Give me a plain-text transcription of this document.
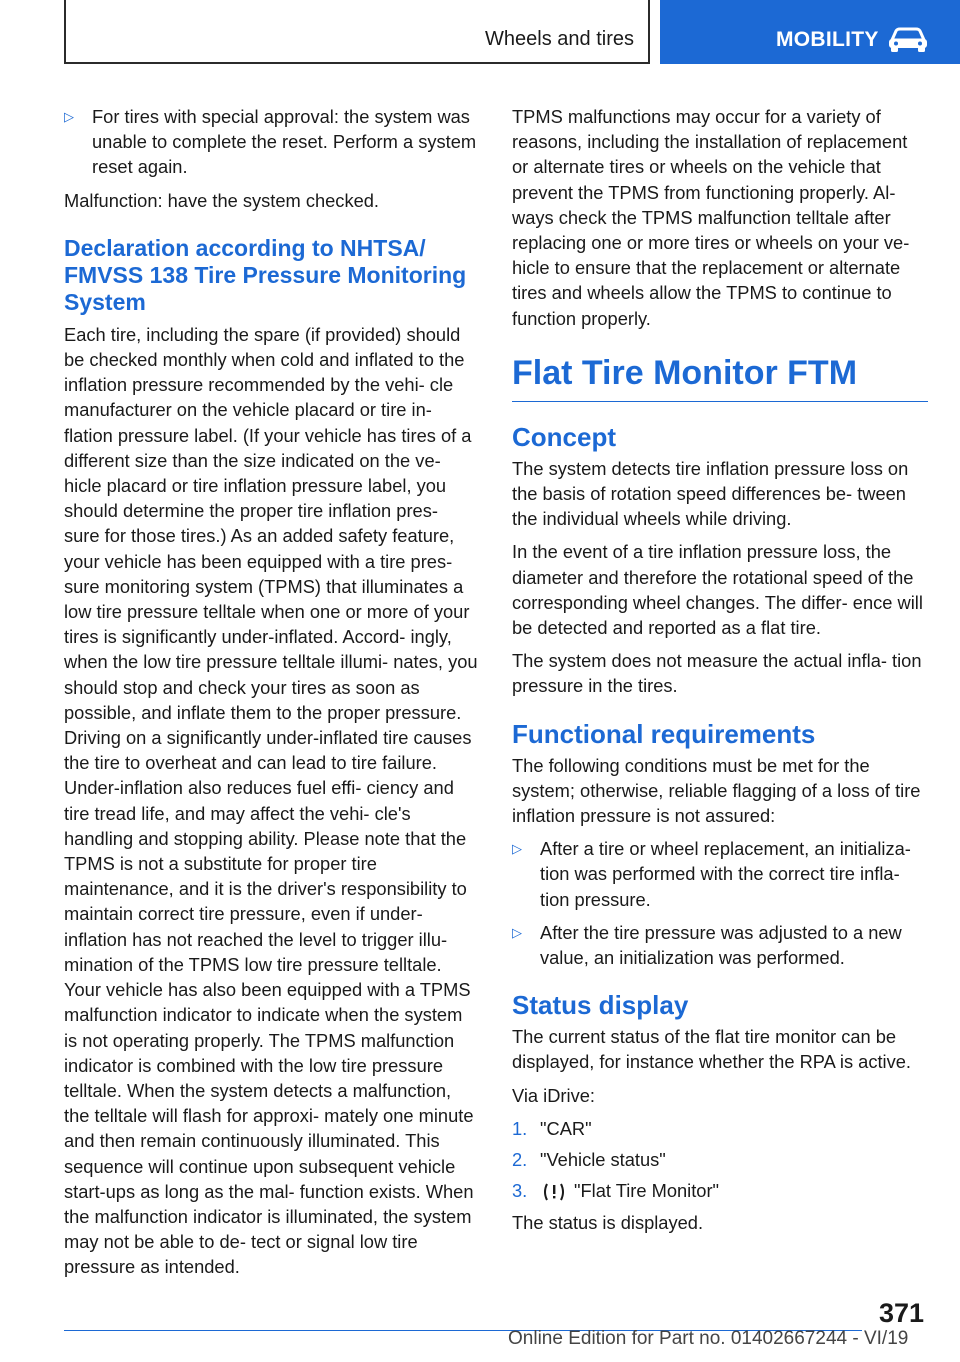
Wheels and tires	MOBILITY
▷ For tires with special approval: the system was unable to complete the reset. Perform a system reset again.

Malfunction: have the system checked.

Declaration according to NHTSA/ FMVSS 138 Tire Pressure Monitoring System

Each tire, including the spare (if provided) should be checked monthly when cold and inflated to the inflation pressure recommended by the vehi‐ cle manufacturer on the vehicle placard or tire in‐ flation pressure label. (If your vehicle has tires of a different size than the size indicated on the ve‐ hicle placard or tire inflation pressure label, you should determine the proper tire inflation pres‐ sure for those tires.) As an added safety feature, your vehicle has been equipped with a tire pres‐ sure monitoring system (TPMS) that illuminates a low tire pressure telltale when one or more of your tires is significantly under-inflated. Accord‐ ingly, when the low tire pressure telltale illumi‐ nates, you should stop and check your tires as soon as possible, and inflate them to the proper pressure. Driving on a significantly under-inflated tire causes the tire to overheat and can lead to tire failure. Under-inflation also reduces fuel effi‐ ciency and tire tread life, and may affect the vehi‐ cle's handling and stopping ability. Please note that the TPMS is not a substitute for proper tire maintenance, and it is the driver's responsibility to maintain correct tire pressure, even if under- inflation has not reached the level to trigger illu‐ mination of the TPMS low tire pressure telltale. Your vehicle has also been equipped with a TPMS malfunction indicator to indicate when the system is not operating properly. The TPMS malfunction indicator is combined with the low tire pressure telltale. When the system detects a malfunction, the telltale will flash for approxi‐ mately one minute and then remain continuously illuminated. This sequence will continue upon subsequent vehicle start-ups as long as the mal‐ function exists. When the malfunction indicator is illuminated, the system may not be able to de‐ tect or signal low tire pressure as intended.

TPMS malfunctions may occur for a variety of reasons, including the installation of replacement or alternate tires or wheels on the vehicle that prevent the TPMS from functioning properly. Al‐ ways check the TPMS malfunction telltale after replacing one or more tires or wheels on your ve‐ hicle to ensure that the replacement or alternate tires and wheels allow the TPMS to continue to function properly.

Flat Tire Monitor FTM
Concept

The system detects tire inflation pressure loss on the basis of rotation speed differences be‐ tween the individual wheels while driving.

In the event of a tire inflation pressure loss, the diameter and therefore the rotational speed of the corresponding wheel changes. The differ‐ ence will be detected and reported as a flat tire.

The system does not measure the actual infla‐ tion pressure in the tires.

Functional requirements

The following conditions must be met for the system; otherwise, reliable flagging of a loss of tire inflation pressure is not assured:

▷ After a tire or wheel replacement, an initializa‐ tion was performed with the correct tire infla‐ tion pressure.
▷ After the tire pressure was adjusted to a new value, an initialization was performed.
Status display

The current status of the flat tire monitor can be displayed, for instance whether the RPA is active.

Via iDrive:

1. "CAR"
2. "Vehicle status"
3.	"Flat Tire Monitor"

The status is displayed.

371
Online Edition for Part no. 01402667244 - VI/19
